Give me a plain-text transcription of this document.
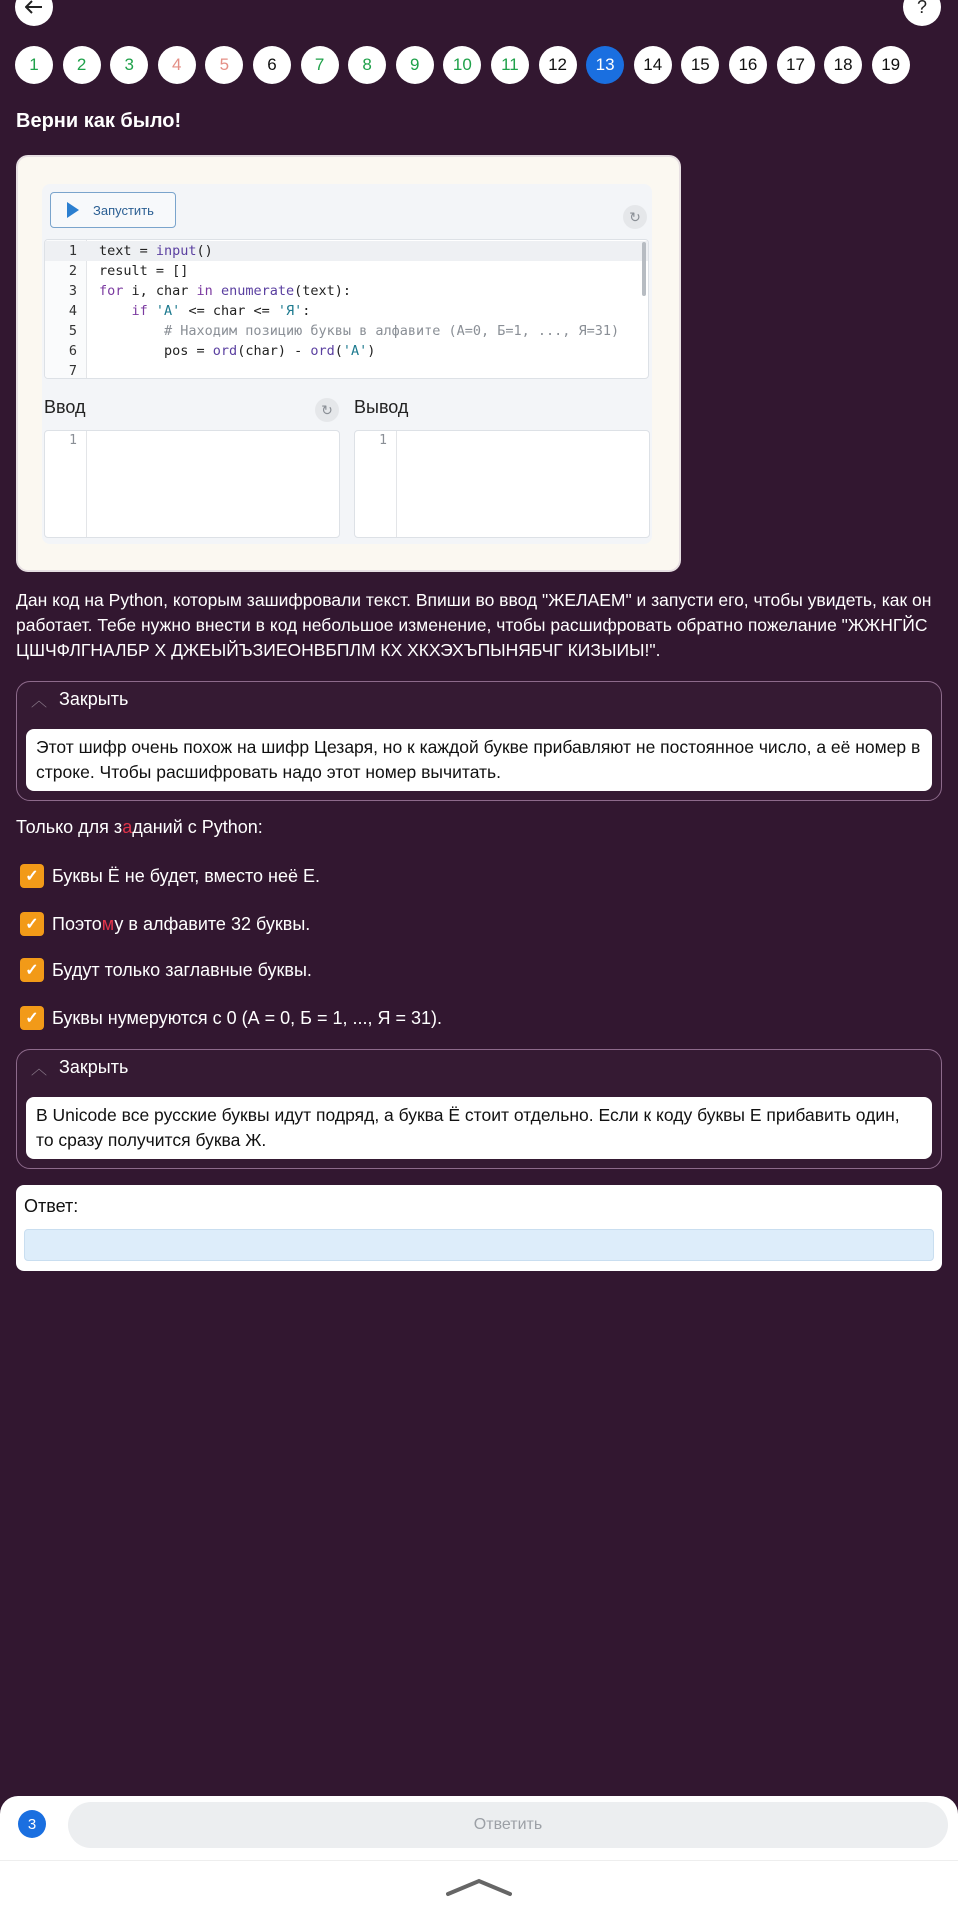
?
1	2	3	4	5	6	7	8	9	10	11	12	13	14	15	16	17	18	19
Верни как было!
Запустить	↻
1 text = input()
2 result = []
3 for i, char in enumerate(text):
4	if 'А' <= char <= 'Я':
5	# Находим позицию буквы в алфавите (А=0, Б=1, ..., Я=31)
6 pos = ord(char) - ord('А')
7
Ввод	↻	Вывод
1	1
Дан код на Python, которым зашифровали текст. Впиши во ввод "ЖЕЛАЕМ" и запусти его, чтобы увидеть, как он работает. Тебе нужно внести в код небольшое изменение, чтобы расшифровать обратно пожелание "ЖЖНГЙС ЦШЧФЛГНАЛБР Х ДЖЕЫЙЪЗИЕОНВБПЛМ КХ ХКХЭХЪПЫНЯБЧГ КИЗЫИЫ!".
︿ Закрыть
Этот шифр очень похож на шифр Цезаря, но к каждой букве прибавляют не постоянное число, а её номер в строке. Чтобы расшифровать надо этот номер вычитать.
Только для заданий с Python:
✓ Буквы Ё не будет, вместо неё Е.
✓ Поэтому в алфавите 32 буквы.
✓ Будут только заглавные буквы.
✓ Буквы нумеруются с 0 (А = 0, Б = 1, ..., Я = 31).
︿ Закрыть
В Unicode все русские буквы идут подряд, а буква Ё стоит отдельно. Если к коду буквы Е прибавить один, то сразу получится буква Ж.
Ответ:
3	Ответить
